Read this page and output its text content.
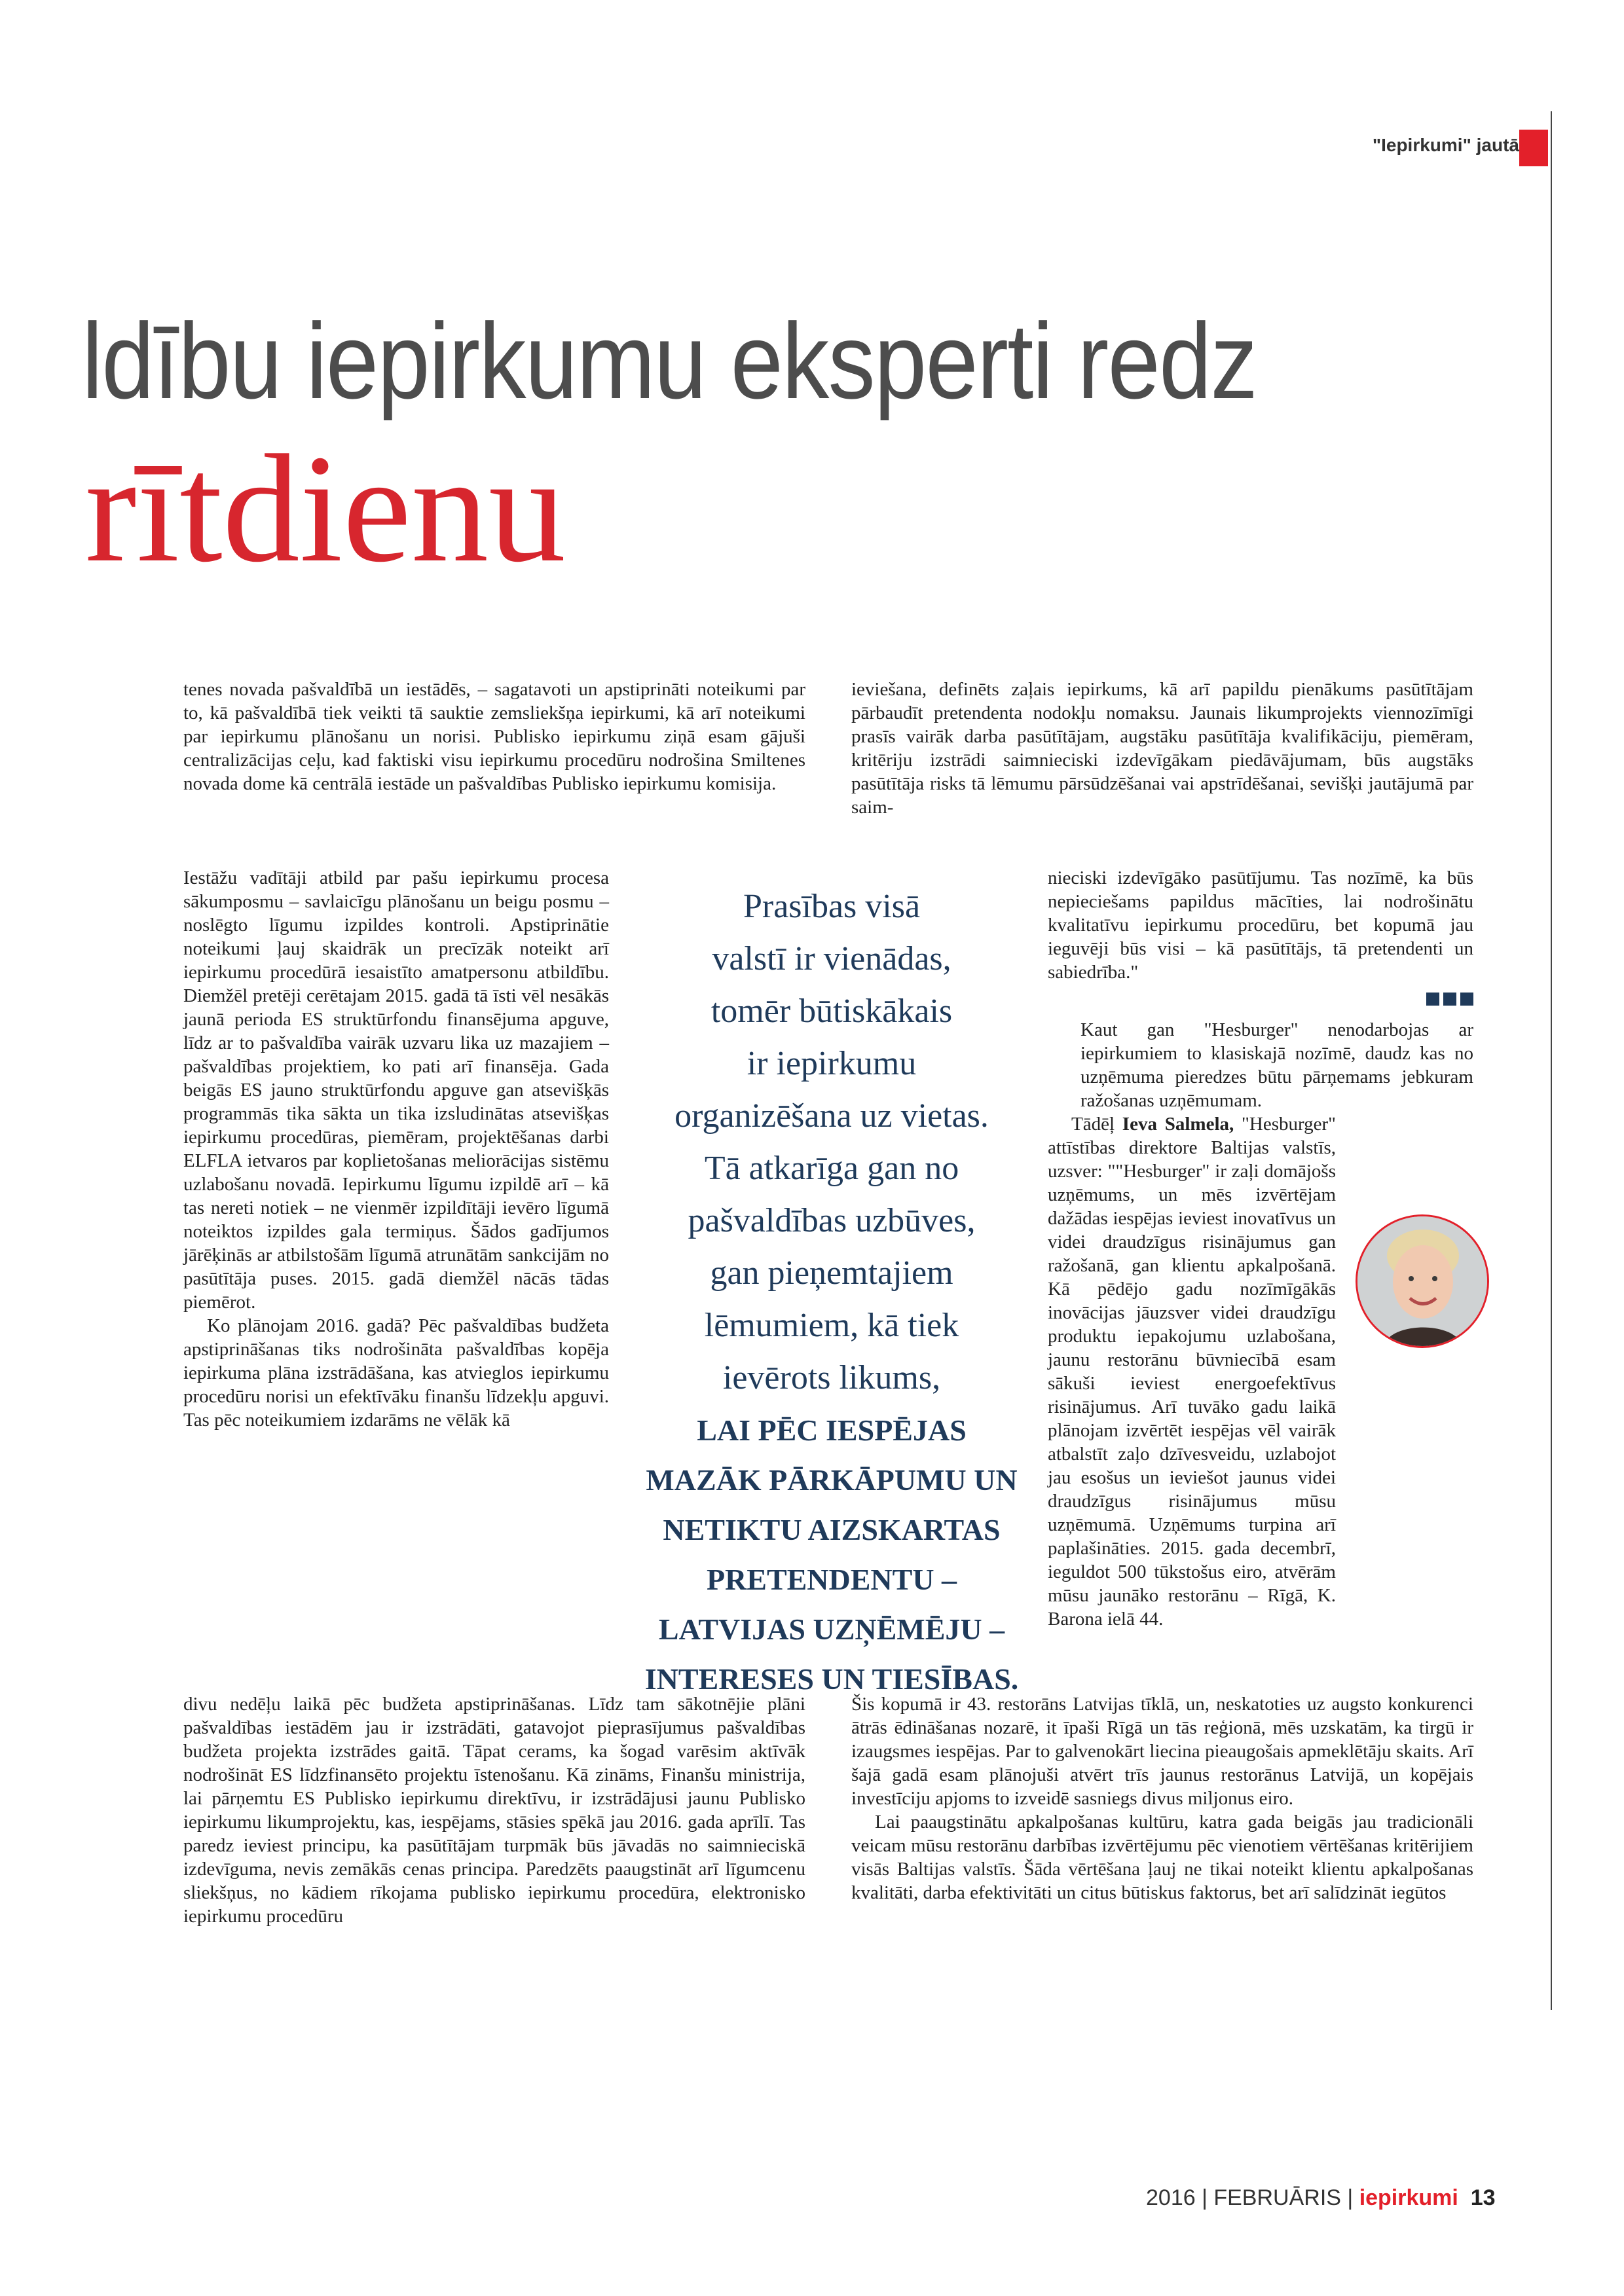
"Iepirkumi" jautā
ldību iepirkumu eksperti redz
rītdienu

tenes novada pašvaldībā un iestādēs, – sagatavoti un apstiprināti noteikumi par to, kā pašvaldībā tiek veikti tā sauktie zemsliekšņa iepirkumi, kā arī noteikumi par iepirkumu plānošanu un norisi. Publisko iepirkumu ziņā esam gājuši centralizācijas ceļu, kad faktiski visu iepirkumu procedūru nodrošina Smiltenes novada dome kā centrālā iestāde un pašvaldības Publisko iepirkumu komisija.

Iestāžu vadītāji atbild par pašu iepirkumu procesa sākumposmu – savlaicīgu plānošanu un beigu posmu – noslēgto līgumu izpildes kontroli. Apstiprinātie noteikumi ļauj skaidrāk un precīzāk noteikt arī iepirkumu procedūrā iesaistīto amatpersonu atbildību. Diemžēl pretēji cerētajam 2015. gadā tā īsti vēl nesākās jaunā perioda ES struktūrfondu finansējuma apguve, līdz ar to pašvaldība vairāk uzvaru lika uz mazajiem – pašvaldības projektiem, ko pati arī finansēja. Gada beigās ES jauno struktūrfondu apguve gan atsevišķās programmās tika sākta un tika izsludinātas atsevišķas iepirkumu procedūras, piemēram, projektēšanas darbi ELFLA ietvaros par koplietošanas meliorācijas sistēmu uzlabošanu novadā. Iepirkumu līgumu izpildē arī – kā tas nereti notiek – ne vienmēr izpildītāji ievēro līgumā noteiktos izpildes gala termiņus. Šādos gadījumos jārēķinās ar atbilstošām līgumā atrunātām sankcijām no pasūtītāja puses. 2015. gadā diemžēl nācās tādas piemērot.

Ko plānojam 2016. gadā? Pēc pašvaldības budžeta apstiprināšanas tiks nodrošināta pašvaldības kopēja iepirkuma plāna izstrādāšana, kas atvieglos iepirkumu procedūru norisi un efektīvāku finanšu līdzekļu apguvi. Tas pēc noteikumiem izdarāms ne vēlāk kā

divu nedēļu laikā pēc budžeta apstiprināšanas. Līdz tam sākotnējie plāni pašvaldības iestādēm jau ir izstrādāti, gatavojot pieprasījumus pašvaldības budžeta projekta izstrādes gaitā. Tāpat cerams, ka šogad varēsim aktīvāk nodrošināt ES līdzfinansēto projektu īstenošanu. Kā zināms, Finanšu ministrija, lai pārņemtu ES Publisko iepirkumu direktīvu, ir izstrādājusi jaunu Publisko iepirkumu likumprojektu, kas, iespējams, stāsies spēkā jau 2016. gada aprīlī. Tas paredz ieviest principu, ka pasūtītājam turpmāk būs jāvadās no saimnieciskā izdevīguma, nevis zemākās cenas principa. Paredzēts paaugstināt arī līgumcenu sliekšņus, no kādiem rīkojama publisko iepirkumu procedūra, elektronisko iepirkumu procedūru

Prasības visā
valstī ir vienādas,
tomēr būtiskākais
ir iepirkumu
organizēšana uz vietas.
Tā atkarīga gan no
pašvaldības uzbūves,
gan pieņemtajiem
lēmumiem, kā tiek
ievērots likums,
LAI PĒC IESPĒJAS
MAZĀK PĀRKĀPUMU UN
NETIKTU AIZSKARTAS
PRETENDENTU –
LATVIJAS UZŅĒMĒJU –
INTERESES UN TIESĪBAS.

ieviešana, definēts zaļais iepirkums, kā arī papildu pienākums pasūtītājam pārbaudīt pretendenta nodokļu nomaksu. Jaunais likumprojekts viennozīmīgi prasīs vairāk darba pasūtītājam, augstāku pasūtītāja kvalifikāciju, piemēram, kritēriju izstrādi saimnieciski izdevīgākam piedāvājumam, būs augstāks pasūtītāja risks tā lēmumu pārsūdzēšanai vai apstrīdēšanai, sevišķi jautājumā par saim-

nieciski izdevīgāko pasūtījumu. Tas nozīmē, ka būs nepieciešams papildus mācīties, lai nodrošinātu kvalitatīvu iepirkumu procedūru, bet kopumā jau ieguvēji būs visi – kā pasūtītājs, tā pretendenti un sabiedrība."

Kaut gan "Hesburger" nenodarbojas ar iepirkumiem to klasiskajā nozīmē, daudz kas no uzņēmuma pieredzes būtu pārņemams jebkuram ražošanas uzņēmumam.

Tādēļ Ieva Salmela, "Hesburger" attīstības direktore Baltijas valstīs, uzsver: ""Hesburger" ir zaļi domājošs uzņēmums, un mēs izvērtējam dažādas iespējas ieviest inovatīvus un videi draudzīgus risinājumus gan ražošanā, gan klientu apkalpošanā. Kā pēdējo gadu nozīmīgākās inovācijas jāuzsver videi draudzīgu produktu iepakojumu uzlabošana, jaunu restorānu būvniecībā esam sākuši ieviest energoefektīvus risinājumus. Arī tuvāko gadu laikā plānojam izvērtēt iespējas vēl vairāk atbalstīt zaļo dzīvesveidu, uzlabojot jau esošus un ieviešot jaunus videi draudzīgus risinājumus mūsu uzņēmumā. Uzņēmums turpina arī paplašināties. 2015. gada decembrī, ieguldot 500 tūkstošus eiro, atvērām mūsu jaunāko restorānu – Rīgā, K. Barona ielā 44.

Šis kopumā ir 43. restorāns Latvijas tīklā, un, neskatoties uz augsto konkurenci ātrās ēdināšanas nozarē, it īpaši Rīgā un tās reģionā, mēs uzskatām, ka tirgū ir izaugsmes iespējas. Par to galvenokārt liecina pieaugošais apmeklētāju skaits. Arī šajā gadā esam plānojuši atvērt trīs jaunus restorānus Latvijā, un kopējais investīciju apjoms to izveidē sasniegs divus miljonus eiro.

Lai paaugstinātu apkalpošanas kultūru, katra gada beigās jau tradicionāli veicam mūsu restorānu darbības izvērtējumu pēc vienotiem vērtēšanas kritērijiem visās Baltijas valstīs. Šāda vērtēšana ļauj ne tikai noteikt klientu apkalpošanas kvalitāti, darba efektivitāti un citus būtiskus faktorus, bet arī salīdzināt iegūtos

2016 | FEBRUĀRIS | iepirkumi 13
